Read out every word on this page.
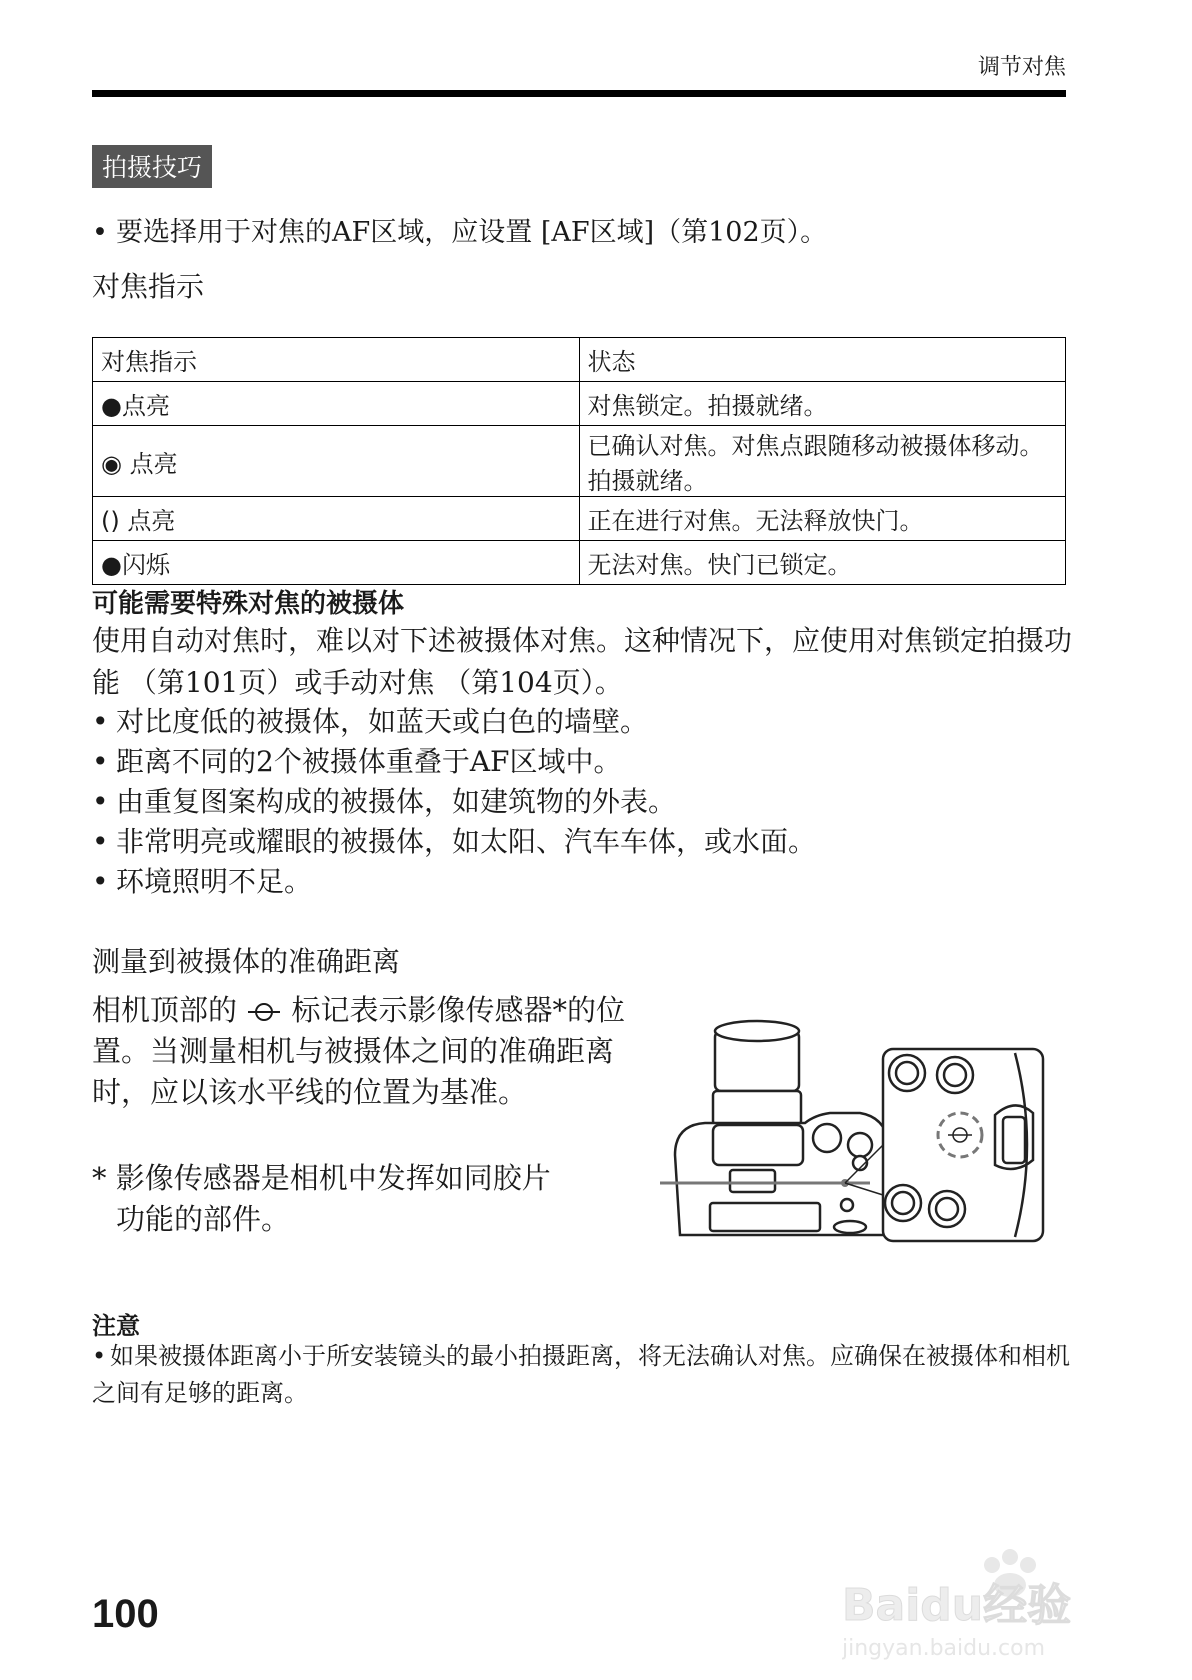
调节对焦
拍摄技巧
• 要选择用于对焦的AF区域，应设置 [AF区域]（第102页）。
对焦指示
对焦指示	状态
●点亮	对焦锁定。拍摄就绪。
◉ 点亮	已确认对焦。对焦点跟随移动被摄体移动。拍摄就绪。
() 点亮	正在进行对焦。无法释放快门。
●闪烁	无法对焦。快门已锁定。
可能需要特殊对焦的被摄体
使用自动对焦时，难以对下述被摄体对焦。这种情况下，应使用对焦锁定拍摄功能 （第101页）或手动对焦 （第104页）。
• 对比度低的被摄体，如蓝天或白色的墙壁。
• 距离不同的2个被摄体重叠于AF区域中。
• 由重复图案构成的被摄体，如建筑物的外表。
• 非常明亮或耀眼的被摄体，如太阳、汽车车体，或水面。
• 环境照明不足。
测量到被摄体的准确距离
相机顶部的 标记表示影像传感器*的位置。当测量相机与被摄体之间的准确距离时，应以该水平线的位置为基准。
* 影像传感器是相机中发挥如同胶片
功能的部件。
注意
• 如果被摄体距离小于所安装镜头的最小拍摄距离，将无法确认对焦。应确保在被摄体和相机之间有足够的距离。
100	Baidu经验
jingyan.baidu.com
